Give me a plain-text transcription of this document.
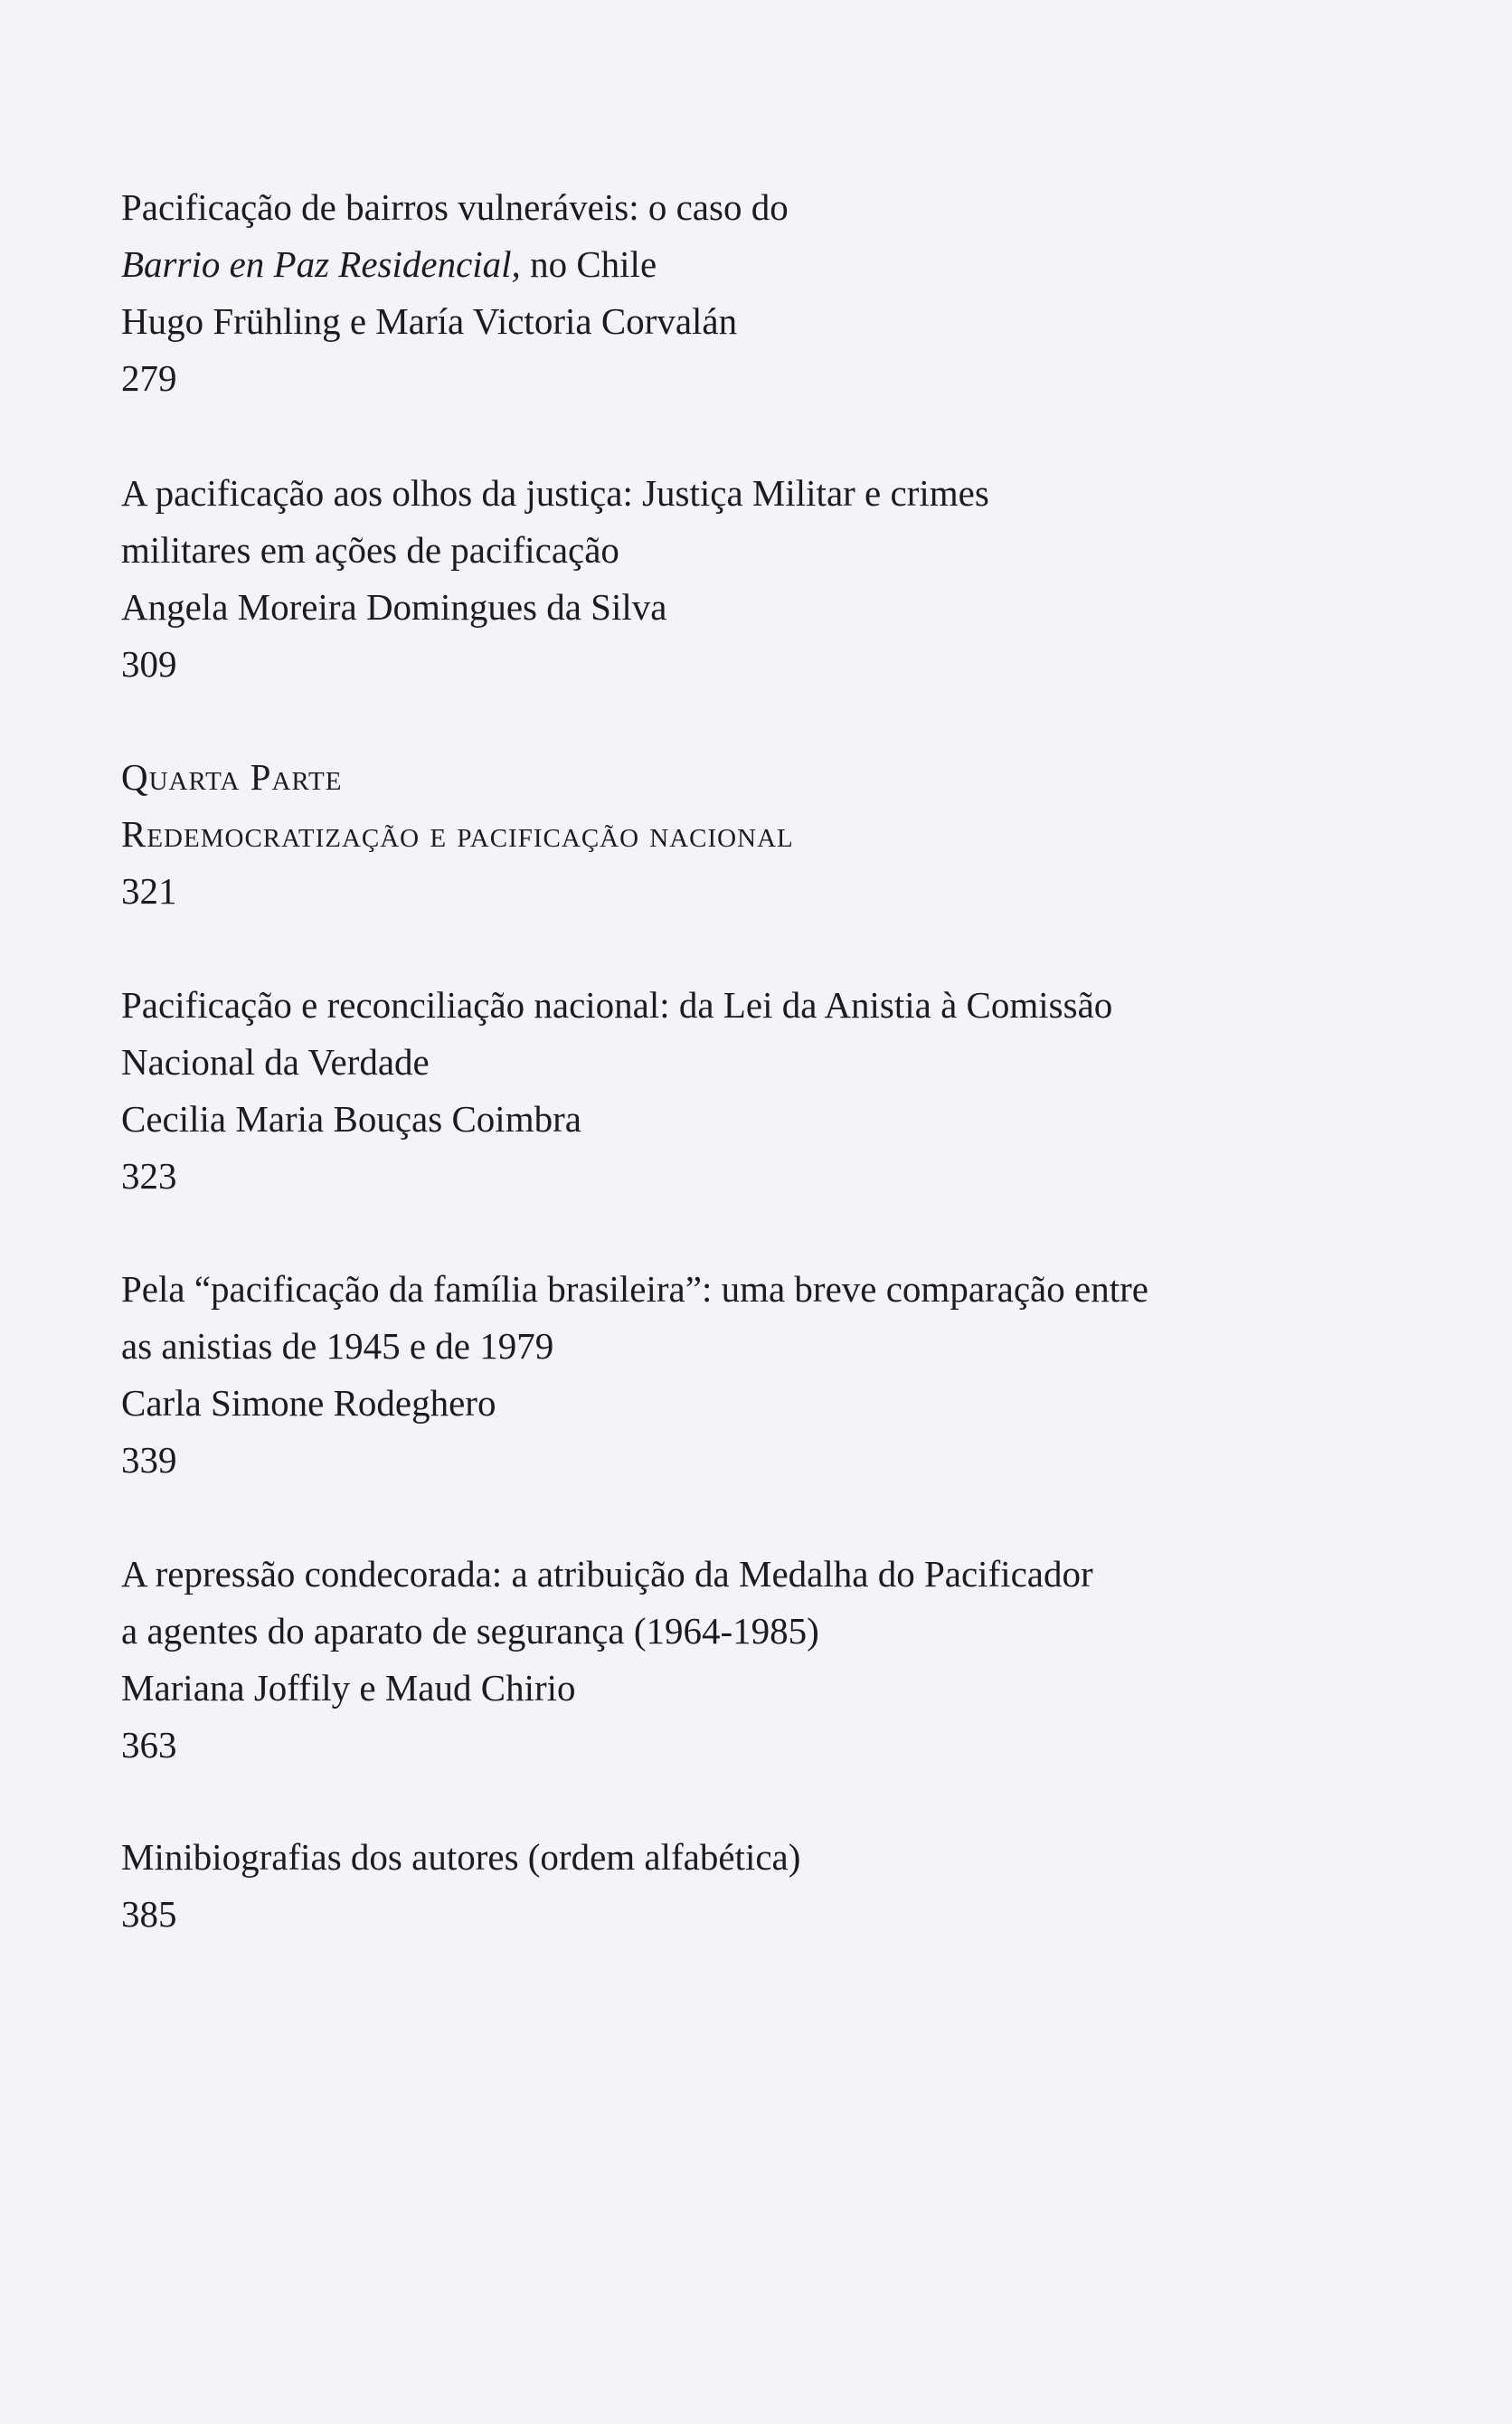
Pacificação de bairros vulneráveis: o caso do
Barrio en Paz Residencial, no Chile
Hugo Frühling e María Victoria Corvalán
279
A pacificação aos olhos da justiça: Justiça Militar e crimes
militares em ações de pacificação
Angela Moreira Domingues da Silva
309
Quarta Parte
Redemocratização e pacificação nacional
321
Pacificação e reconciliação nacional: da Lei da Anistia à Comissão
Nacional da Verdade
Cecilia Maria Bouças Coimbra
323
Pela “pacificação da família brasileira”: uma breve comparação entre
as anistias de 1945 e de 1979
Carla Simone Rodeghero
339
A repressão condecorada: a atribuição da Medalha do Pacificador
a agentes do aparato de segurança (1964-1985)
Mariana Joffily e Maud Chirio
363
Minibiografias dos autores (ordem alfabética)
385
